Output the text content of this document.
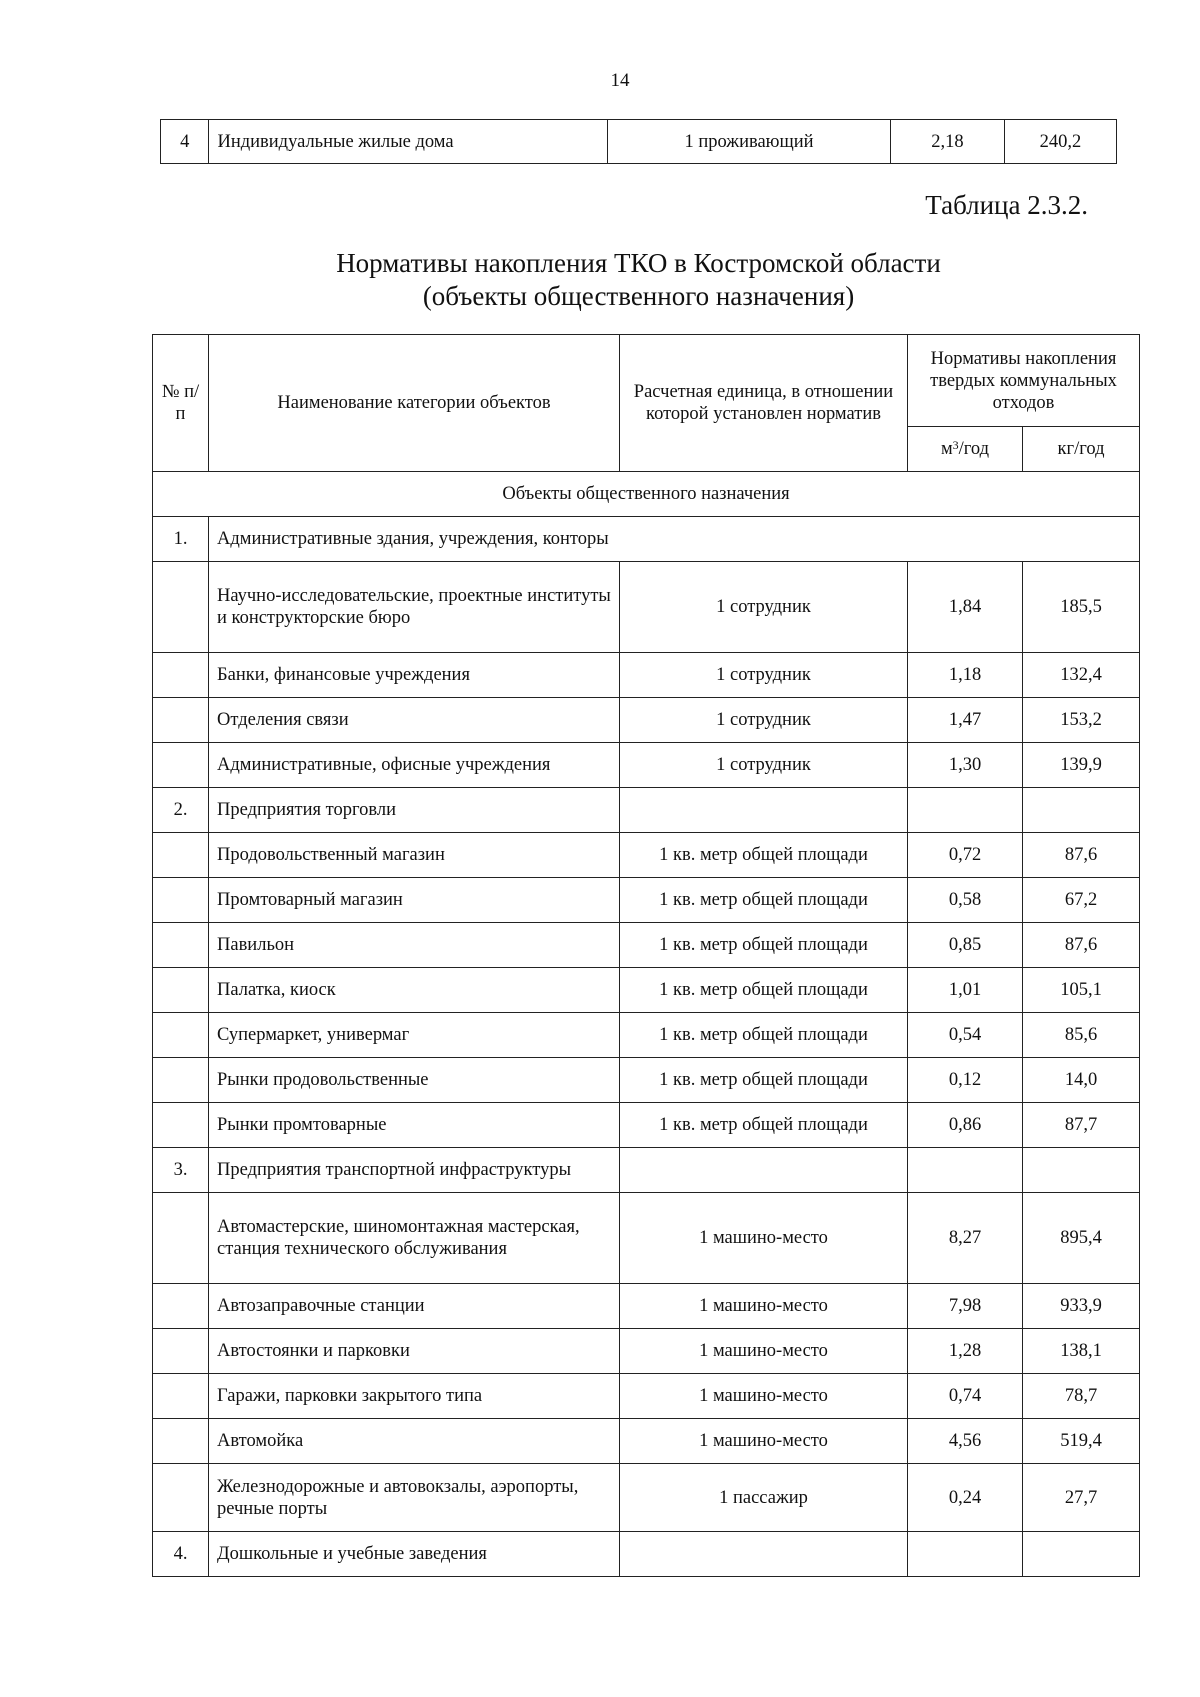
14
4	Индивидуальные жилые дома	1 проживающий	2,18	240,2
Таблица 2.3.2.
Нормативы накопления ТКО в Костромской области
(объекты общественного назначения)
№ п/п	Наименование категории объектов	Расчетная единица, в отношении которой установлен норматив	Нормативы накопления твердых коммунальных отходов	
			$м^3$/год	кг/год
Объекты общественного назначения				
1.	Административные здания, учреждения, конторы			
	Научно-исследовательские, проектные институты и конструкторские бюро	1 сотрудник	1,84	185,5
	Банки, финансовые учреждения	1 сотрудник	1,18	132,4
	Отделения связи	1 сотрудник	1,47	153,2
	Административные, офисные учреждения	1 сотрудник	1,30	139,9
2.	Предприятия торговли			
	Продовольственный магазин	1 кв. метр общей площади	0,72	87,6
	Промтоварный магазин	1 кв. метр общей площади	0,58	67,2
	Павильон	1 кв. метр общей площади	0,85	87,6
	Палатка, киоск	1 кв. метр общей площади	1,01	105,1
	Супермаркет, универмаг	1 кв. метр общей площади	0,54	85,6
	Рынки продовольственные	1 кв. метр общей площади	0,12	14,0
	Рынки промтоварные	1 кв. метр общей площади	0,86	87,7
3.	Предприятия транспортной инфраструктуры			
	Автомастерские, шиномонтажная мастерская, станция технического обслуживания	1 машино-место	8,27	895,4
	Автозаправочные станции	1 машино-место	7,98	933,9
	Автостоянки и парковки	1 машино-место	1,28	138,1
	Гаражи, парковки закрытого типа	1 машино-место	0,74	78,7
	Автомойка	1 машино-место	4,56	519,4
	Железнодорожные и автовокзалы, аэропорты, речные порты	1 пассажир	0,24	27,7
4.	Дошкольные и учебные заведения			
